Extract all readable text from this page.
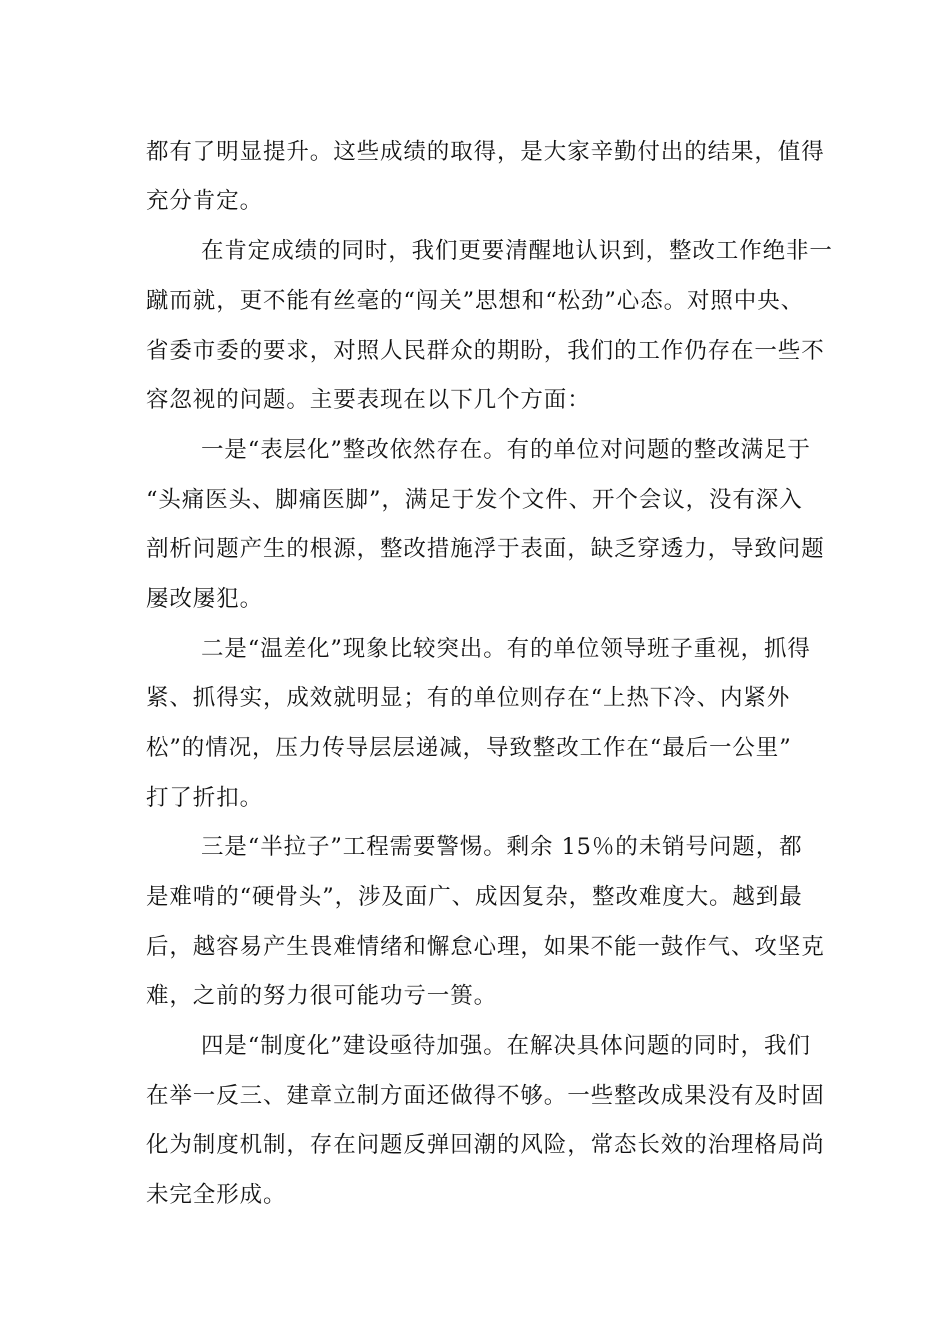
都有了明显提升。这些成绩的取得，是大家辛勤付出的结果，值得
充分肯定。
在肯定成绩的同时，我们更要清醒地认识到，整改工作绝非一
蹴而就，更不能有丝毫的“闯关”思想和“松劲”心态。对照中央、
省委市委的要求，对照人民群众的期盼，我们的工作仍存在一些不
容忽视的问题。主要表现在以下几个方面：
一是“表层化”整改依然存在。有的单位对问题的整改满足于
“头痛医头、脚痛医脚”，满足于发个文件、开个会议，没有深入
剖析问题产生的根源，整改措施浮于表面，缺乏穿透力，导致问题
屡改屡犯。
二是“温差化”现象比较突出。有的单位领导班子重视，抓得
紧、抓得实，成效就明显；有的单位则存在“上热下冷、内紧外
松”的情况，压力传导层层递减，导致整改工作在“最后一公里”
打了折扣。
三是“半拉子”工程需要警惕。剩余 15％的未销号问题，都
是难啃的“硬骨头”，涉及面广、成因复杂，整改难度大。越到最
后，越容易产生畏难情绪和懈怠心理，如果不能一鼓作气、攻坚克
难，之前的努力很可能功亏一篑。
四是“制度化”建设亟待加强。在解决具体问题的同时，我们
在举一反三、建章立制方面还做得不够。一些整改成果没有及时固
化为制度机制，存在问题反弹回潮的风险，常态长效的治理格局尚
未完全形成。
